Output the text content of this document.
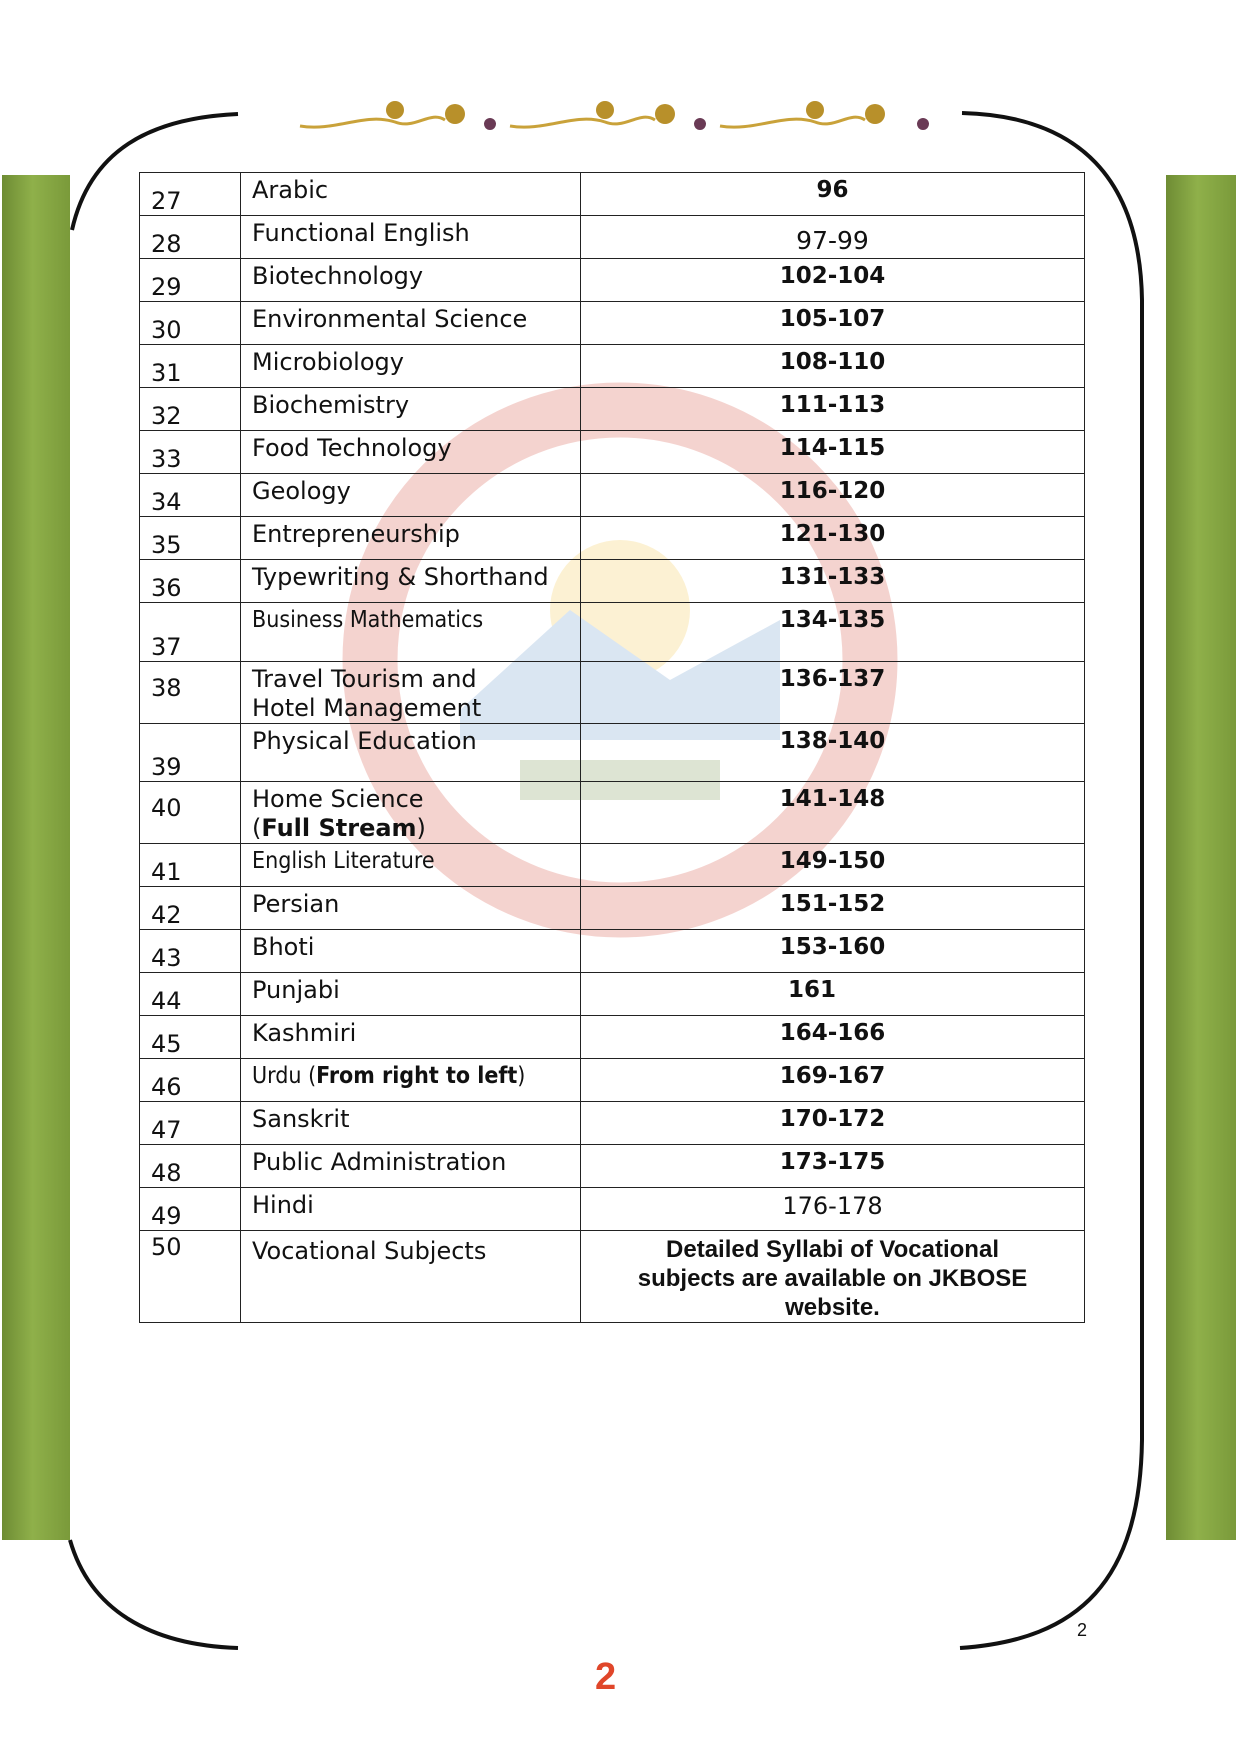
27	Arabic	96
28	Functional English	97-99
29	Biotechnology	102-104
30	Environmental Science	105-107
31	Microbiology	108-110
32	Biochemistry	111-113
33	Food Technology	114-115
34	Geology	116-120
35	Entrepreneurship	121-130
36	Typewriting & Shorthand	131-133
37	Business Mathematics	134-135
38	Travel Tourism and
Hotel Management	136-137
39	Physical Education	138-140
40	Home Science
(Full Stream)	141-148
41	English Literature	149-150
42	Persian	151-152
43	Bhoti	153-160
44	Punjabi	161
45	Kashmiri	164-166
46	Urdu (From right to left)	169-167
47	Sanskrit	170-172
48	Public Administration	173-175
49	Hindi	176-178
50	Vocational Subjects	Detailed Syllabi of Vocational subjects are available on JKBOSE website.
2
2
